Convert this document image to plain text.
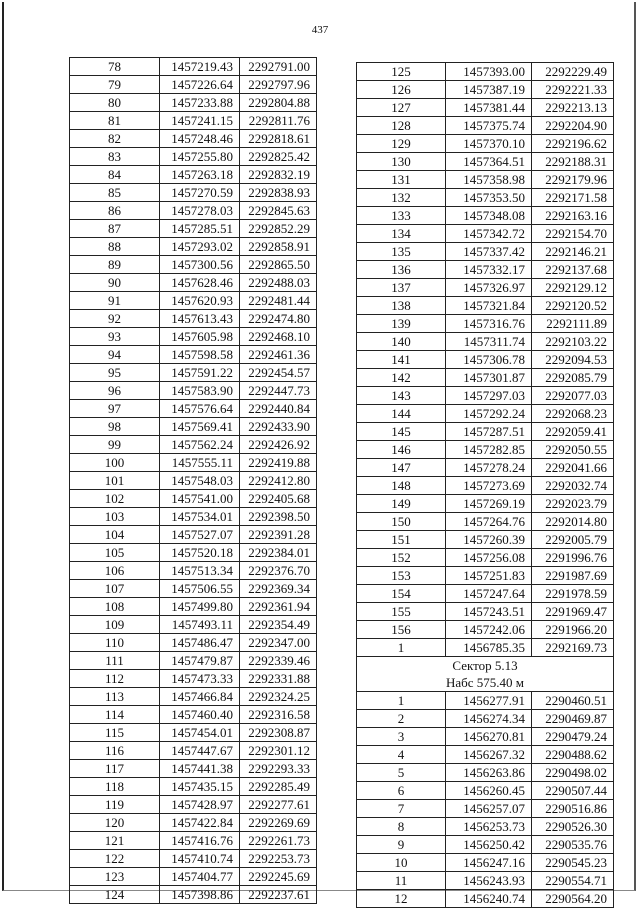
437
78	1457219.43	2292791.00
79	1457226.64	2292797.96
80	1457233.88	2292804.88
81	1457241.15	2292811.76
82	1457248.46	2292818.61
83	1457255.80	2292825.42
84	1457263.18	2292832.19
85	1457270.59	2292838.93
86	1457278.03	2292845.63
87	1457285.51	2292852.29
88	1457293.02	2292858.91
89	1457300.56	2292865.50
90	1457628.46	2292488.03
91	1457620.93	2292481.44
92	1457613.43	2292474.80
93	1457605.98	2292468.10
94	1457598.58	2292461.36
95	1457591.22	2292454.57
96	1457583.90	2292447.73
97	1457576.64	2292440.84
98	1457569.41	2292433.90
99	1457562.24	2292426.92
100	1457555.11	2292419.88
101	1457548.03	2292412.80
102	1457541.00	2292405.68
103	1457534.01	2292398.50
104	1457527.07	2292391.28
105	1457520.18	2292384.01
106	1457513.34	2292376.70
107	1457506.55	2292369.34
108	1457499.80	2292361.94
109	1457493.11	2292354.49
110	1457486.47	2292347.00
111	1457479.87	2292339.46
112	1457473.33	2292331.88
113	1457466.84	2292324.25
114	1457460.40	2292316.58
115	1457454.01	2292308.87
116	1457447.67	2292301.12
117	1457441.38	2292293.33
118	1457435.15	2292285.49
119	1457428.97	2292277.61
120	1457422.84	2292269.69
121	1457416.76	2292261.73
122	1457410.74	2292253.73
123	1457404.77	2292245.69
124	1457398.86	2292237.61
125	1457393.00	2292229.49
126	1457387.19	2292221.33
127	1457381.44	2292213.13
128	1457375.74	2292204.90
129	1457370.10	2292196.62
130	1457364.51	2292188.31
131	1457358.98	2292179.96
132	1457353.50	2292171.58
133	1457348.08	2292163.16
134	1457342.72	2292154.70
135	1457337.42	2292146.21
136	1457332.17	2292137.68
137	1457326.97	2292129.12
138	1457321.84	2292120.52
139	1457316.76	2292111.89
140	1457311.74	2292103.22
141	1457306.78	2292094.53
142	1457301.87	2292085.79
143	1457297.03	2292077.03
144	1457292.24	2292068.23
145	1457287.51	2292059.41
146	1457282.85	2292050.55
147	1457278.24	2292041.66
148	1457273.69	2292032.74
149	1457269.19	2292023.79
150	1457264.76	2292014.80
151	1457260.39	2292005.79
152	1457256.08	2291996.76
153	1457251.83	2291987.69
154	1457247.64	2291978.59
155	1457243.51	2291969.47
156	1457242.06	2291966.20
1	1456785.35	2292169.73

Сектор 5.13
Набс 575.40 м		

1	1456277.91	2290460.51
2	1456274.34	2290469.87
3	1456270.81	2290479.24
4	1456267.32	2290488.62
5	1456263.86	2290498.02
6	1456260.45	2290507.44
7	1456257.07	2290516.86
8	1456253.73	2290526.30
9	1456250.42	2290535.76
10	1456247.16	2290545.23
11	1456243.93	2290554.71
12	1456240.74	2290564.20
